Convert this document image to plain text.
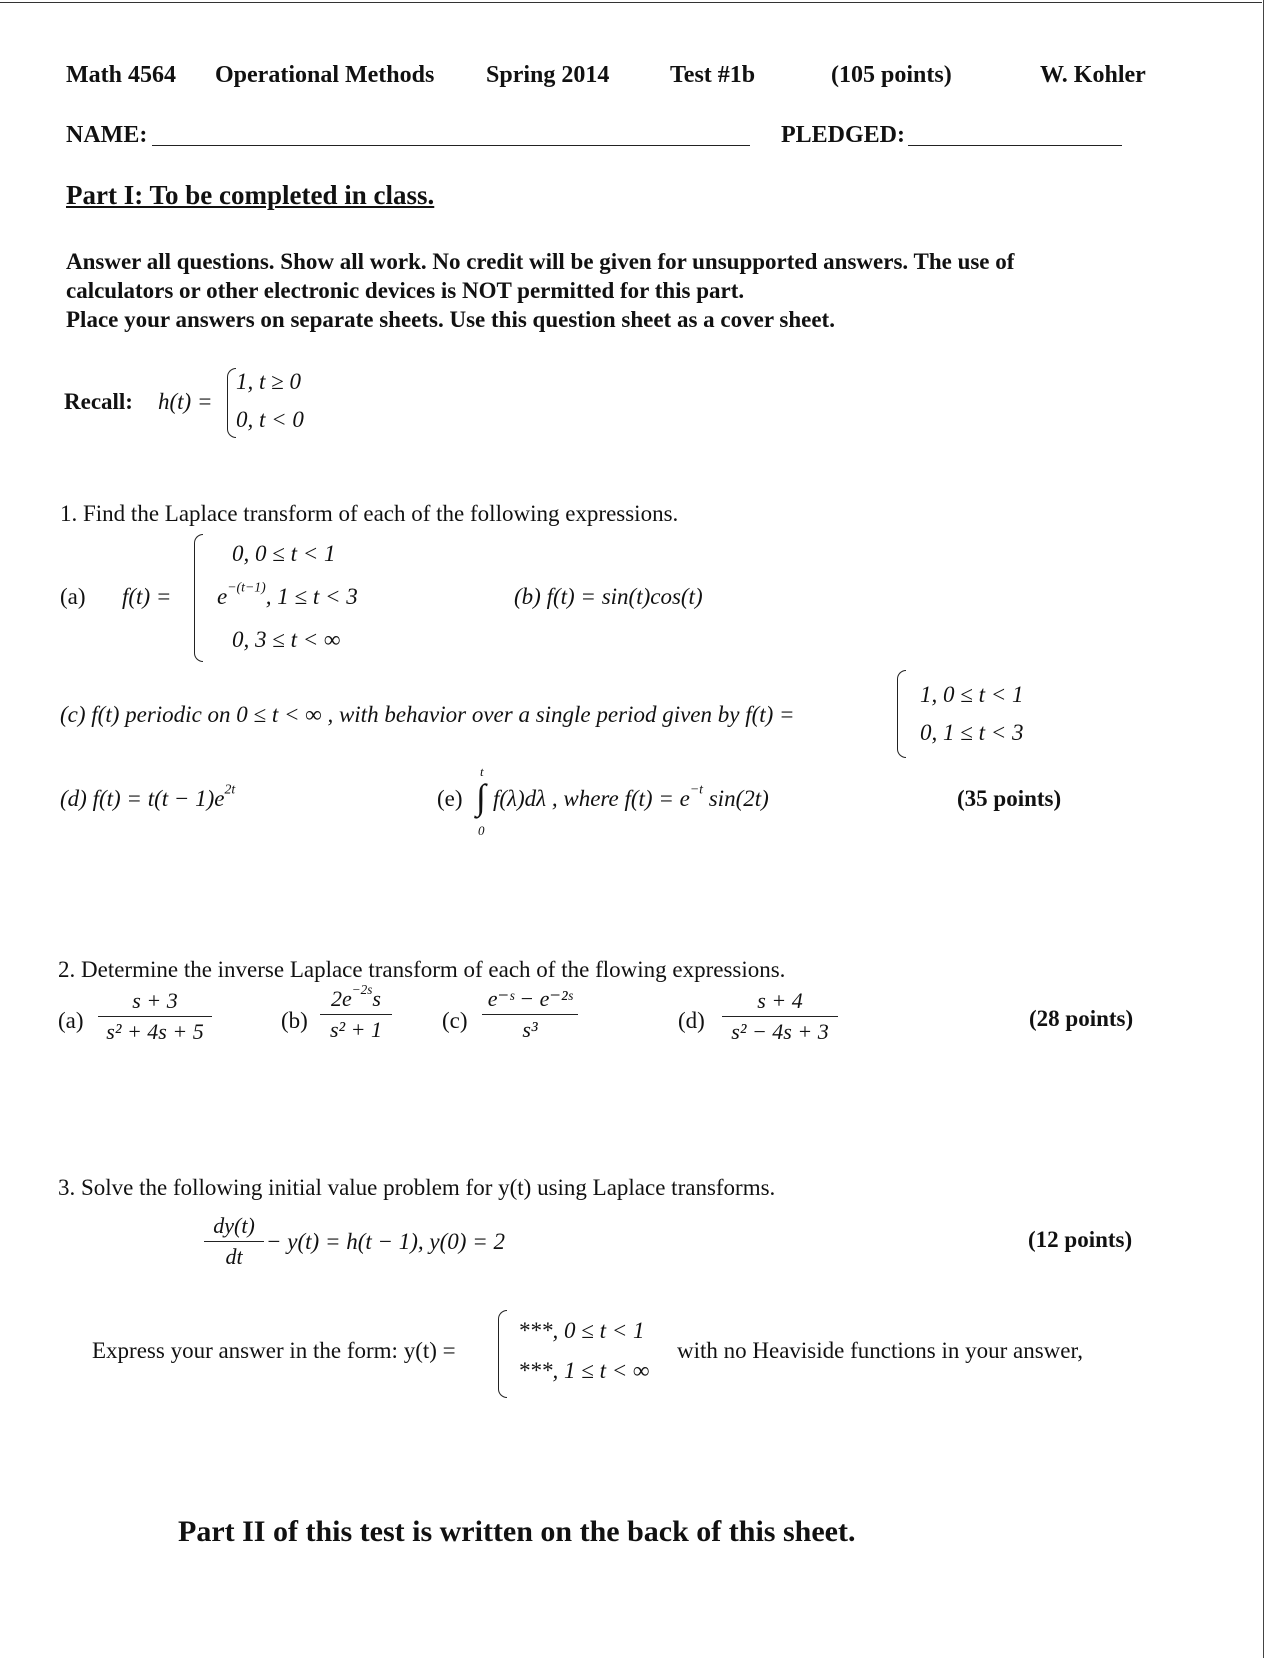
Math 4564 Operational Methods Spring 2014	Test #1b	(105 points)	W. Kohler
NAME:	PLEDGED:
Part I: To be completed in class.
Answer all questions. Show all work. No credit will be given for unsupported answers. The use of
calculators or other electronic devices is NOT permitted for this part.
Place your answers on separate sheets. Use this question sheet as a cover sheet.
Recall: h(t) =
1, t ≥ 0
0, t < 0
1. Find the Laplace transform of each of the following expressions.
(a) f(t) =
0, 0 ≤ t < 1
$e^{-(t-1)}$, 1 ≤ t < 3
0, 3 ≤ t < ∞
(b) f(t) = sin(t)cos(t)
(c) f(t) periodic on 0 ≤ t < ∞ , with behavior over a single period given by f(t) =
1, 0 ≤ t < 1
0, 1 ≤ t < 3
(d) $f(t) = t(t - 1)e^{2t}$	(e)
t
∫
0
f(λ)dλ , where $f(t) = e^{-t}$ sin(2t)	(35 points)
2. Determine the inverse Laplace transform of each of the flowing expressions.
$(a) \frac{s + 3}{\text{s² + 4s + 5}}$	$(b) \frac{2e^{-2s}s}{\text{s² + 1}} (c) \frac{\text{e⁻ˢ − e⁻²ˢ}}{\text{s³}}$	$(d) \frac{s + 4}{\text{s² − 4s + 3}}$	(28 points)
3. Solve the following initial value problem for y(t) using Laplace transforms.
$\frac{dy(t)}{dt} - y(t) = h(t - 1)$, y(0) = 2	(12 points)
Express your answer in the form: y(t) =
***, 0 ≤ t < 1
***, 1 ≤ t < ∞
with no Heaviside functions in your answer,
Part II of this test is written on the back of this sheet.
